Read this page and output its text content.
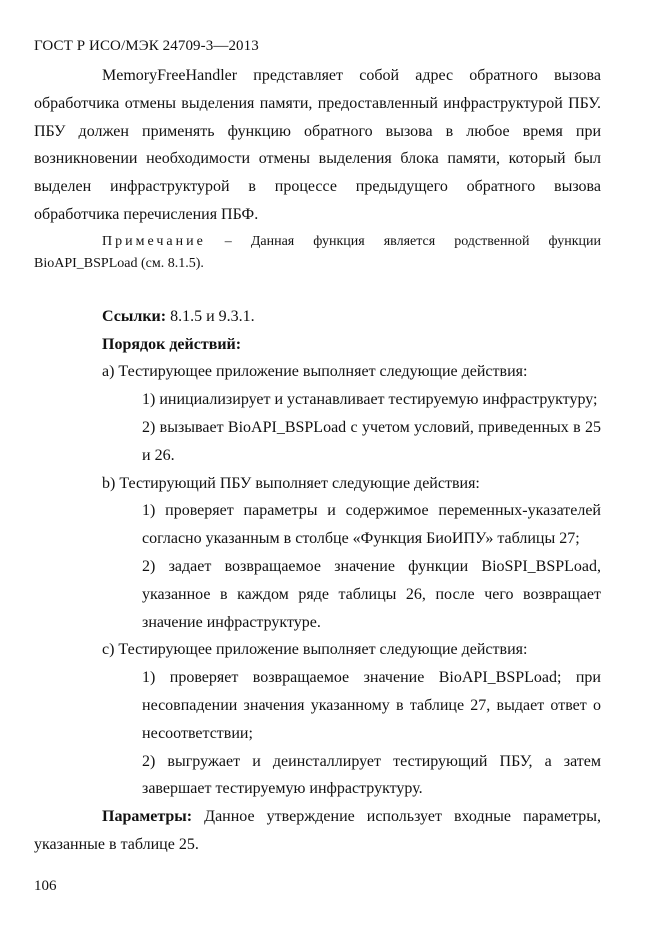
ГОСТ Р ИСО/МЭК 24709-3—2013

MemoryFreeHandler представляет собой адрес обратного вызова обработчика отмены выделения памяти, предоставленный инфраструктурой ПБУ. ПБУ должен применять функцию обратного вызова в любое время при возникновении необходимости отмены выделения блока памяти, который был выделен инфраструктурой в процессе предыдущего обратного вызова обработчика перечисления ПБФ.

Примечание – Данная функция является родственной функции BioAPI_BSPLoad (см. 8.1.5).

Ссылки: 8.1.5 и 9.3.1.

Порядок действий:

а) Тестирующее приложение выполняет следующие действия:

1) инициализирует и устанавливает тестируемую инфраструктуру;

2) вызывает BioAPI_BSPLoad с учетом условий, приведенных в 25 и 26.

b) Тестирующий ПБУ выполняет следующие действия:

1) проверяет параметры и содержимое переменных-указателей согласно указанным в столбце «Функция БиоИПУ» таблицы 27;

2) задает возвращаемое значение функции BioSPI_BSPLoad, указанное в каждом ряде таблицы 26, после чего возвращает значение инфраструктуре.

с) Тестирующее приложение выполняет следующие действия:

1) проверяет возвращаемое значение BioAPI_BSPLoad; при несовпадении значения указанному в таблице 27, выдает ответ о несоответствии;

2) выгружает и деинсталлирует тестирующий ПБУ, а затем завершает тестируемую инфраструктуру.

Параметры: Данное утверждение использует входные параметры, указанные в таблице 25.

106
